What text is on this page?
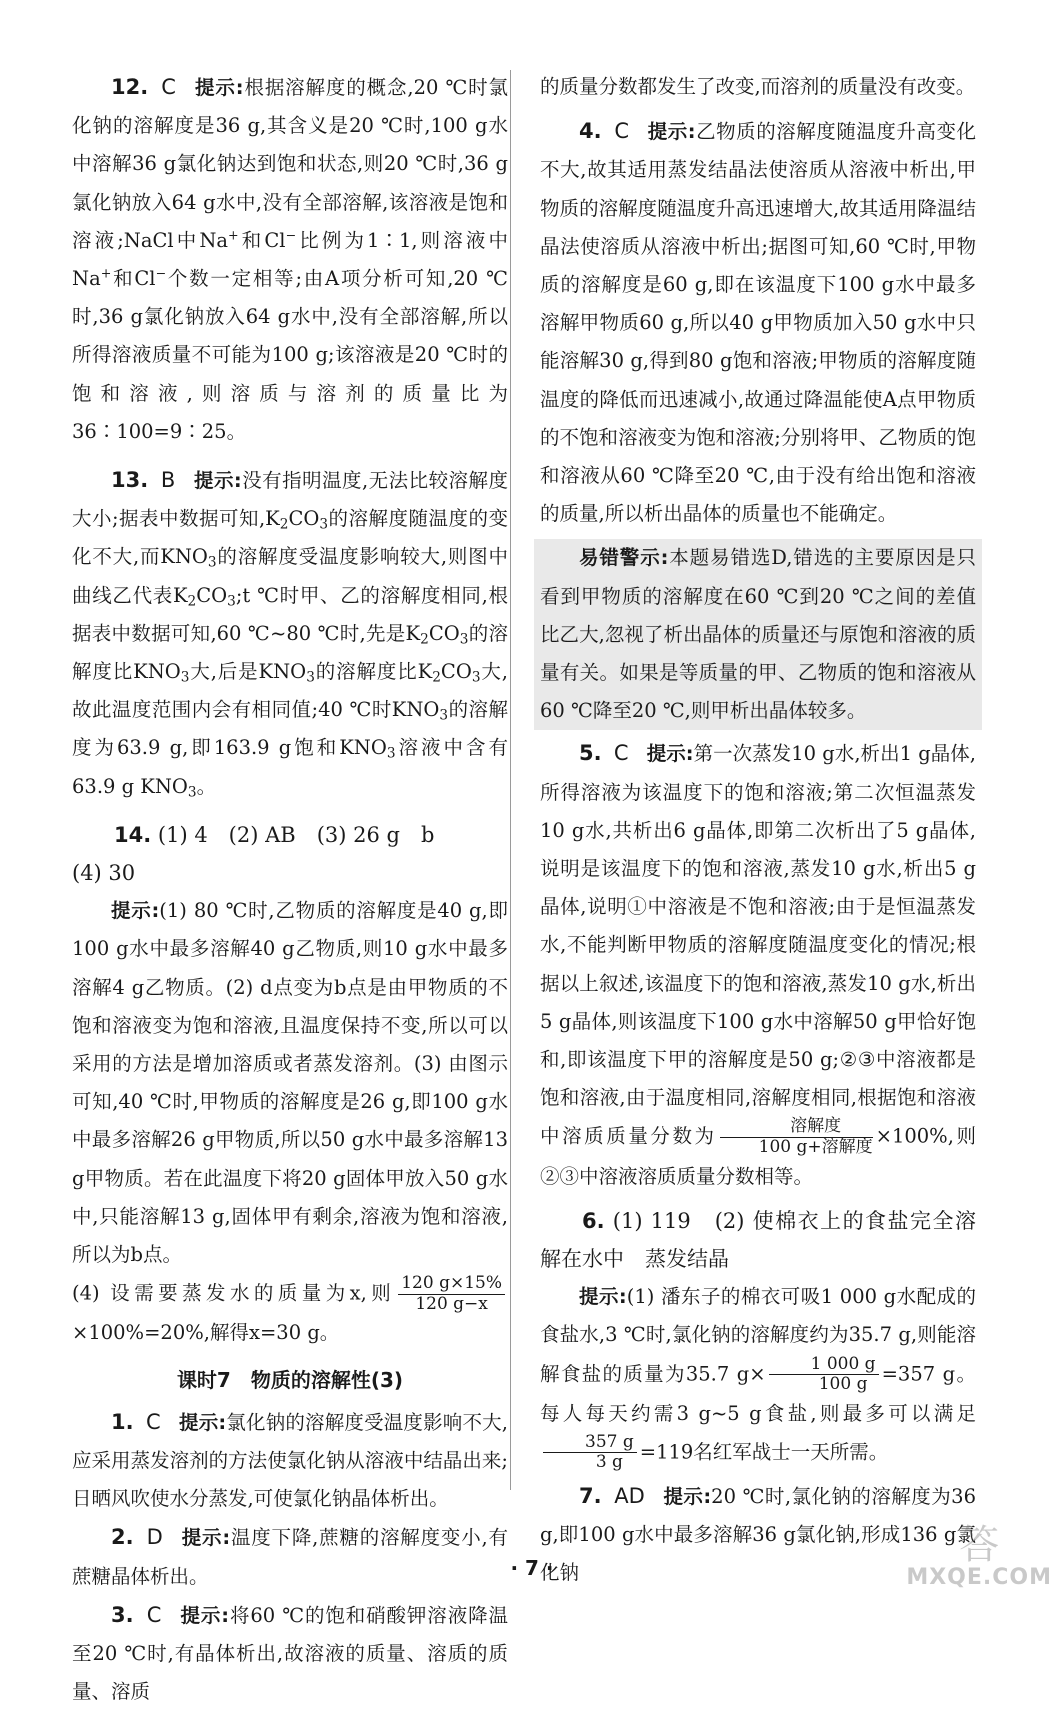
12. C 提示:根据溶解度的概念,20 ℃时氯化钠的溶解度是36 g,其含义是20 ℃时,100 g水中溶解36 g氯化钠达到饱和状态,则20 ℃时,36 g氯化钠放入64 g水中,没有全部溶解,该溶液是饱和溶液;NaCl中Na+和Cl−比例为1∶1,则溶液中Na+和Cl−个数一定相等;由A项分析可知,20 ℃时,36 g氯化钠放入64 g水中,没有全部溶解,所以所得溶液质量不可能为100 g;该溶液是20 ℃时的饱和溶液,则溶质与溶剂的质量比为36∶100=9∶25。

13. B 提示:没有指明温度,无法比较溶解度大小;据表中数据可知$,K_2CO_3$的溶解度随温度的变化不大,而$KNO_3$的溶解度受温度影响较大,则图中曲线乙代表$K_2CO_3;t$ ℃时甲、乙的溶解度相同,根据表中数据可知,60 ℃~80 ℃时,先是$K_2CO_3$的溶解度比$KNO_3$大,后是$KNO_3$的溶解度比$K_2CO_3$大,故此温度范围内会有相同值;40 ℃时$KNO_3$的溶解度为63.9 g,即163.9 g饱和$KNO_3$溶液中含有63.9 g $KNO_3$。

14. (1) 4　(2) AB　(3) 26 g　b

(4) 30

提示:(1) 80 ℃时,乙物质的溶解度是40 g,即100 g水中最多溶解40 g乙物质,则10 g水中最多溶解4 g乙物质。(2) d点变为b点是由甲物质的不饱和溶液变为饱和溶液,且温度保持不变,所以可以采用的方法是增加溶质或者蒸发溶剂。(3) 由图示可知,40 ℃时,甲物质的溶解度是26 g,即100 g水中最多溶解26 g甲物质,所以50 g水中最多溶解13 g甲物质。若在此温度下将20 g固体甲放入50 g水中,只能溶解13 g,固体甲有剩余,溶液为饱和溶液,所以为b点。

(4) 设需要蒸发水的质量为x,则 $\frac{120 g\times 15\%}{120 g-x}$
×100%=20%,解得x=30 g。

课时7　物质的溶解性(3)

1. C 提示:氯化钠的溶解度受温度影响不大,应采用蒸发溶剂的方法使氯化钠从溶液中结晶出来;日晒风吹使水分蒸发,可使氯化钠晶体析出。

2. D 提示:温度下降,蔗糖的溶解度变小,有蔗糖晶体析出。

3. C 提示:将60 ℃的饱和硝酸钾溶液降温至20 ℃时,有晶体析出,故溶液的质量、溶质的质量、溶质

的质量分数都发生了改变,而溶剂的质量没有改变。

4. C 提示:乙物质的溶解度随温度升高变化不大,故其适用蒸发结晶法使溶质从溶液中析出,甲物质的溶解度随温度升高迅速增大,故其适用降温结晶法使溶质从溶液中析出;据图可知,60 ℃时,甲物质的溶解度是60 g,即在该温度下100 g水中最多溶解甲物质60 g,所以40 g甲物质加入50 g水中只能溶解30 g,得到80 g饱和溶液;甲物质的溶解度随温度的降低而迅速减小,故通过降温能使A点甲物质的不饱和溶液变为饱和溶液;分别将甲、乙物质的饱和溶液从60 ℃降至20 ℃,由于没有给出饱和溶液的质量,所以析出晶体的质量也不能确定。

易错警示:本题易错选D,错选的主要原因是只看到甲物质的溶解度在60 ℃到20 ℃之间的差值比乙大,忽视了析出晶体的质量还与原饱和溶液的质量有关。如果是等质量的甲、乙物质的饱和溶液从60 ℃降至20 ℃,则甲析出晶体较多。

5. C 提示:第一次蒸发10 g水,析出1 g晶体,所得溶液为该温度下的饱和溶液;第二次恒温蒸发10 g水,共析出6 g晶体,即第二次析出了5 g晶体,说明是该温度下的饱和溶液,蒸发10 g水,析出5 g晶体,说明①中溶液是不饱和溶液;由于是恒温蒸发水,不能判断甲物质的溶解度随温度变化的情况;根据以上叙述,该温度下的饱和溶液,蒸发10 g水,析出5 g晶体,则该温度下100 g水中溶解50 g甲恰好饱和,即该温度下甲的溶解度是50 g;②③中溶液都是饱和溶液,由于温度相同,溶解度相同,根据饱和溶液中溶质质量分数为 $\frac{\text{溶解度}}{\text{100 g+溶解度}} \times 100\%$,则②③中溶液溶质质量分数相等。

6. (1) 119　(2) 使棉衣上的食盐完全溶解在水中　蒸发结晶

提示:(1) 潘东子的棉衣可吸1 000 g水配成的食盐水,3 ℃时,氯化钠的溶解度约为35.7 g,则能溶解食盐的质量为35.7 $g\times \frac{1 000 g}{100 g} =357$ g。每人每天约需3 g~5 g食盐,则最多可以满足
$\frac{357 g}{3 g} =119$名红军战士一天所需。

7. AD 提示:20 ℃时,氯化钠的溶解度为36 g,即100 g水中最多溶解36 g氯化钠,形成136 g氯化钠

· 7 ·	答
MXQE.COM
